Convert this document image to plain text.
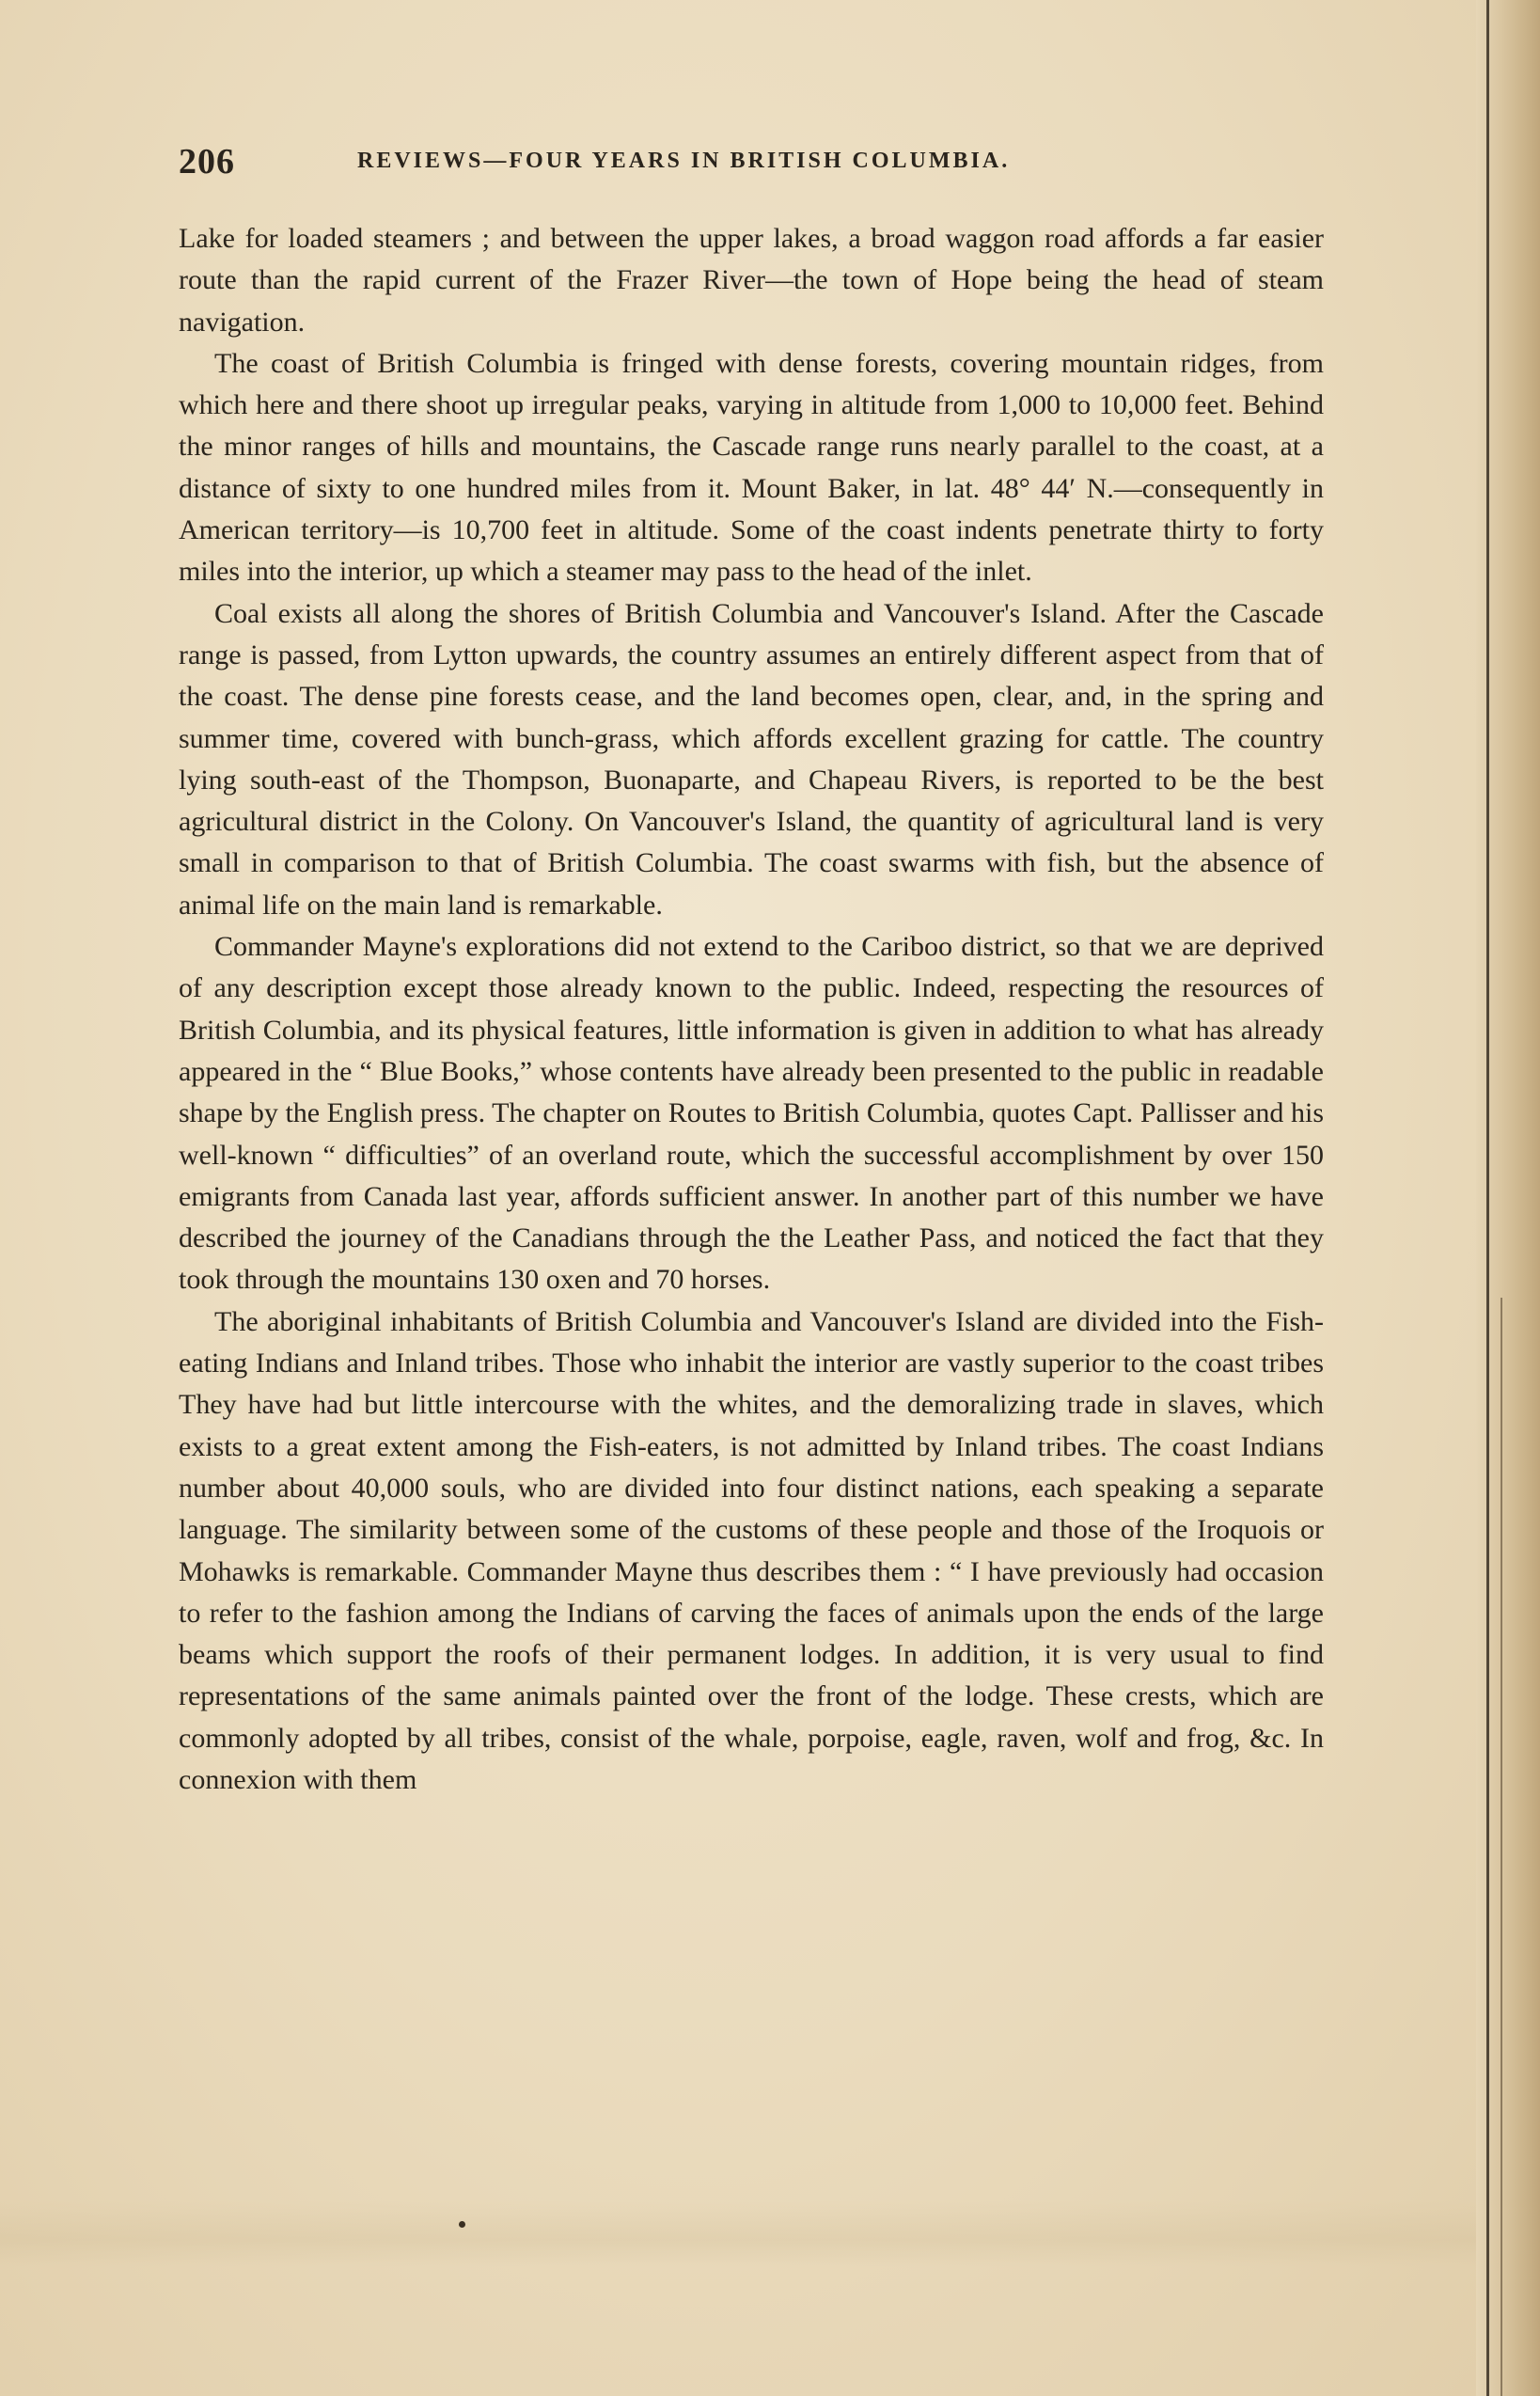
206	REVIEWS—FOUR YEARS IN BRITISH COLUMBIA.

Lake for loaded steamers ; and between the upper lakes, a broad waggon road affords a far easier route than the rapid current of the Frazer River—the town of Hope being the head of steam navigation.

The coast of British Columbia is fringed with dense forests, covering mountain ridges, from which here and there shoot up irregular peaks, varying in altitude from 1,000 to 10,000 feet. Behind the minor ranges of hills and mountains, the Cascade range runs nearly parallel to the coast, at a distance of sixty to one hundred miles from it. Mount Baker, in lat. 48° 44′ N.—consequently in American territory—is 10,700 feet in altitude. Some of the coast indents penetrate thirty to forty miles into the interior, up which a steamer may pass to the head of the inlet.

Coal exists all along the shores of British Columbia and Vancouver's Island. After the Cascade range is passed, from Lytton upwards, the country assumes an entirely different aspect from that of the coast. The dense pine forests cease, and the land becomes open, clear, and, in the spring and summer time, covered with bunch-grass, which affords excellent grazing for cattle. The country lying south-east of the Thompson, Buonaparte, and Chapeau Rivers, is reported to be the best agricultural district in the Colony. On Vancouver's Island, the quantity of agricultural land is very small in comparison to that of British Columbia. The coast swarms with fish, but the absence of animal life on the main land is remarkable.

Commander Mayne's explorations did not extend to the Cariboo district, so that we are deprived of any description except those already known to the public. Indeed, respecting the resources of British Columbia, and its physical features, little information is given in addition to what has already appeared in the “ Blue Books,” whose contents have already been presented to the public in readable shape by the English press. The chapter on Routes to British Columbia, quotes Capt. Pallisser and his well-known “ difficulties” of an overland route, which the successful accomplishment by over 150 emigrants from Canada last year, affords sufficient answer. In another part of this number we have described the journey of the Canadians through the the Leather Pass, and noticed the fact that they took through the mountains 130 oxen and 70 horses.

The aboriginal inhabitants of British Columbia and Vancouver's Island are divided into the Fish-eating Indians and Inland tribes. Those who inhabit the interior are vastly superior to the coast tribes They have had but little intercourse with the whites, and the demoralizing trade in slaves, which exists to a great extent among the Fish-eaters, is not admitted by Inland tribes. The coast Indians number about 40,000 souls, who are divided into four distinct nations, each speaking a separate language. The similarity between some of the customs of these people and those of the Iroquois or Mohawks is remarkable. Commander Mayne thus describes them : “ I have previously had occasion to refer to the fashion among the Indians of carving the faces of animals upon the ends of the large beams which support the roofs of their permanent lodges. In addition, it is very usual to find representations of the same animals painted over the front of the lodge. These crests, which are commonly adopted by all tribes, consist of the whale, porpoise, eagle, raven, wolf and frog, &c. In connexion with them
